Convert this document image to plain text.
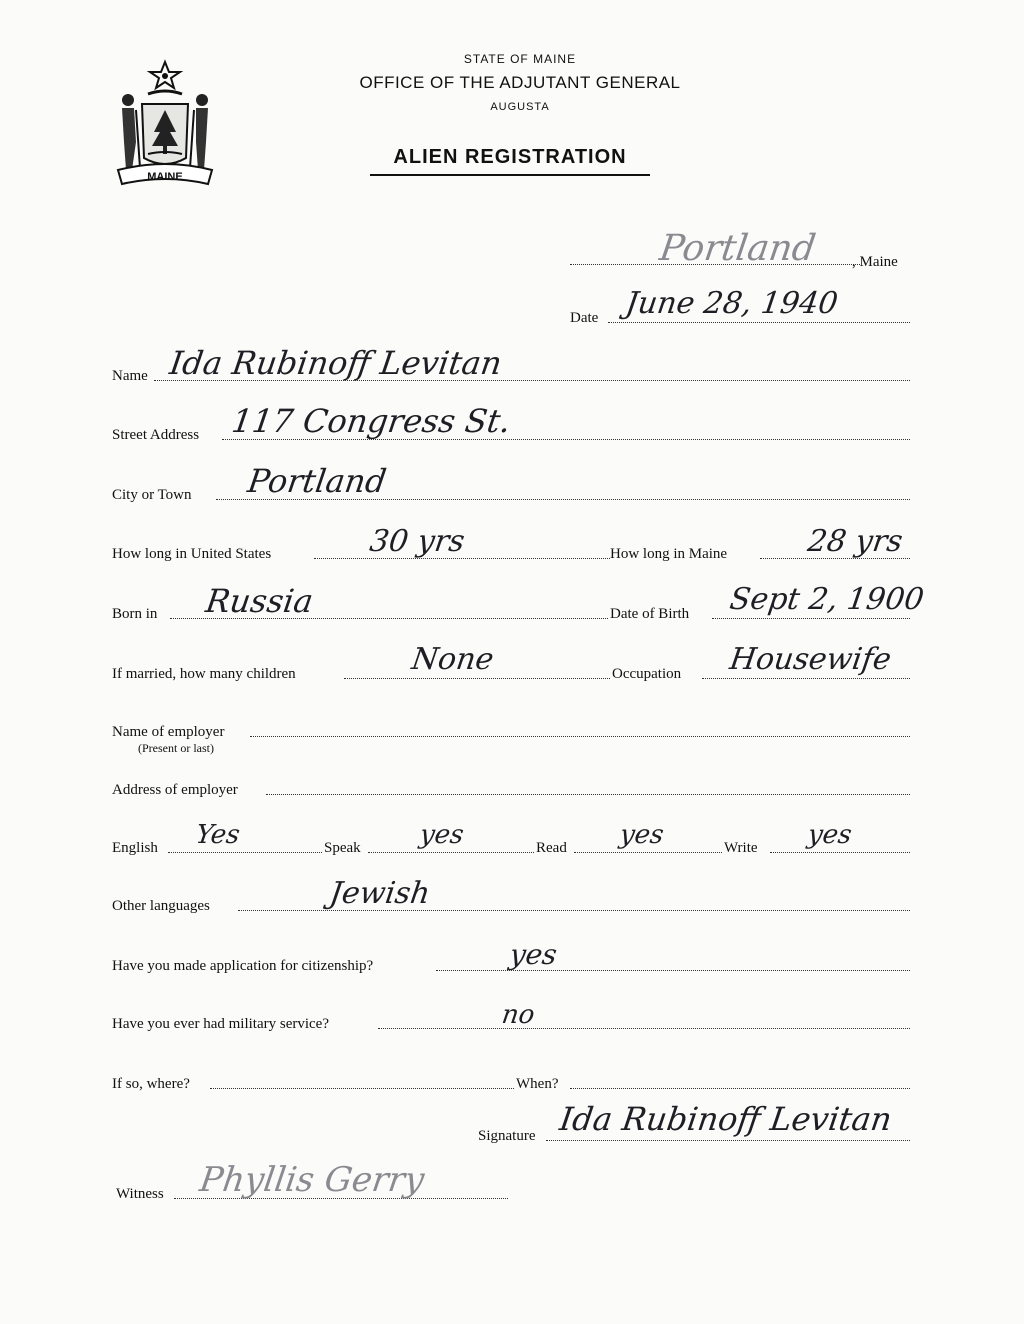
MAINE
STATE OF MAINE
OFFICE OF THE ADJUTANT GENERAL
AUGUSTA
ALIEN REGISTRATION
Portland , Maine
Date June 28, 1940
Name Ida Rubinoff Levitan
Street Address 117 Congress St.
City or Town Portland
How long in United States	30 yrs	How long in Maine	28 yrs
Born in Russia	Date of Birth Sept 2, 1900
If married, how many children	None	Occupation Housewife
Name of employer
(Present or last)
Address of employer
English Yes	Speak yes	Read yes	Write yes
Other languages	Jewish
Have you made application for citizenship?	yes
Have you ever had military service?	no
If so, where?	When?
Signature Ida Rubinoff Levitan
Witness Phyllis Gerry
